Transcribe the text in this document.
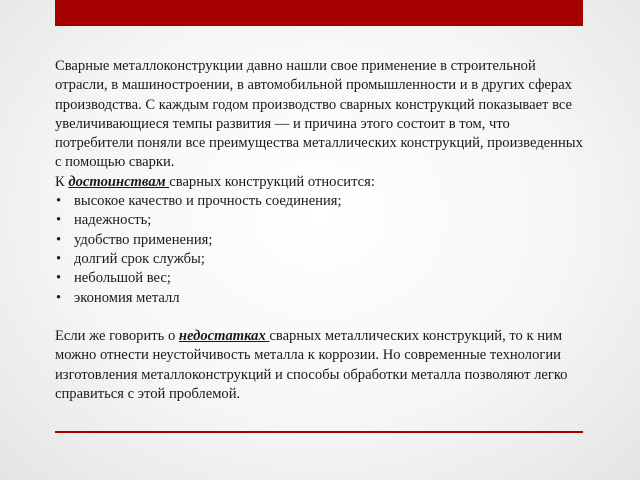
Сварные металлоконструкции давно нашли свое применение в строительной отрасли, в машиностроении, в автомобильной промышленности и в других сферах производства. С каждым годом производство сварных конструкций показывает все увеличивающиеся темпы развития — и причина этого состоит в том, что потребители поняли все преимущества металлических конструкций, произведенных с помощью сварки.

К достоинствам сварных конструкций относится:

• высокое качество и прочность соединения;
• надежность;
• удобство применения;
• долгий срок службы;
• небольшой вес;
• экономия металл

Если же говорить о недостатках сварных металлических конструкций, то к ним можно отнести неустойчивость металла к коррозии. Но современные технологии изготовления металлоконструкций и способы обработки металла позволяют легко справиться с этой проблемой.
